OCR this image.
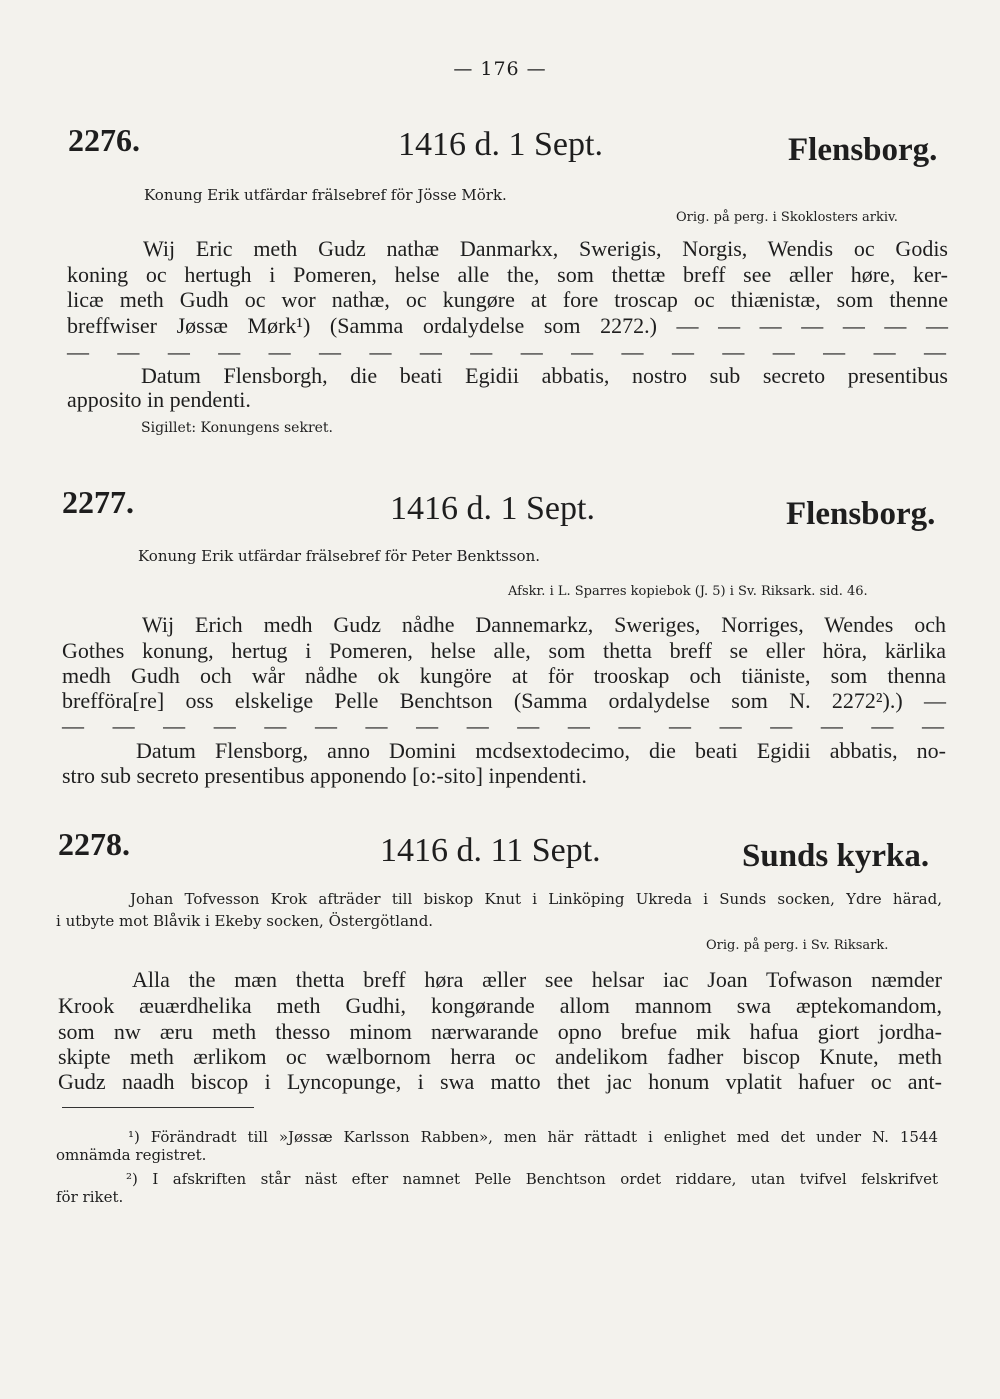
— 176 —
2276.	1416 d. 1 Sept.	Flensborg.
Konung Erik utfärdar frälsebref för Jösse Mörk.
Orig. på perg. i Skoklosters arkiv.
Wij Eric meth Gudz nathæ Danmarkx, Swerigis, Norgis, Wendis oc Godis
koning oc hertugh i Pomeren, helse alle the, som thettæ breff see æller høre, ker-
licæ meth Gudh oc wor nathæ, oc kungøre at fore troscap oc thiænistæ, som thenne
breffwiser Jøssæ Mørk¹) (Samma ordalydelse som 2272.) — — — — — — —
— — — — — — — — — — — — — — — — — —
Datum Flensborgh, die beati Egidii abbatis, nostro sub secreto presentibus
apposito in pendenti.
Sigillet: Konungens sekret.
2277.	1416 d. 1 Sept.	Flensborg.
Konung Erik utfärdar frälsebref för Peter Benktsson.
Afskr. i L. Sparres kopiebok (J. 5) i Sv. Riksark. sid. 46.
Wij Erich medh Gudz nådhe Dannemarkz, Sweriges, Norriges, Wendes och
Gothes konung, hertug i Pomeren, helse alle, som thetta breff se eller höra, kärlika
medh Gudh och wår nådhe ok kungöre at för trooskap och tiäniste, som thenna
brefföra[re] oss elskelige Pelle Benchtson (Samma ordalydelse som N. 2272²).) —
— — — — — — — — — — — — — — — — — —
Datum Flensborg, anno Domini mcdsextodecimo, die beati Egidii abbatis, no-
stro sub secreto presentibus apponendo [o:-sito] inpendenti.
2278.	1416 d. 11 Sept.	Sunds kyrka.
Johan Tofvesson Krok afträder till biskop Knut i Linköping Ukreda i Sunds socken, Ydre härad,
i utbyte mot Blåvik i Ekeby socken, Östergötland.
Orig. på perg. i Sv. Riksark.
Alla the mæn thetta breff høra æller see helsar iac Joan Tofwason næmder
Krook æuærdhelika meth Gudhi, kongørande allom mannom swa æptekomandom,
som nw æru meth thesso minom nærwarande opno brefue mik hafua giort jordha-
skipte meth ærlikom oc wælbornom herra oc andelikom fadher biscop Knute, meth
Gudz naadh biscop i Lyncopunge, i swa matto thet jac honum vplatit hafuer oc ant-
¹) Förändradt till »Jøssæ Karlsson Rabben», men här rättadt i enlighet med det under N. 1544
omnämda registret.
²) I afskriften står näst efter namnet Pelle Benchtson ordet riddare, utan tvifvel felskrifvet
för riket.
